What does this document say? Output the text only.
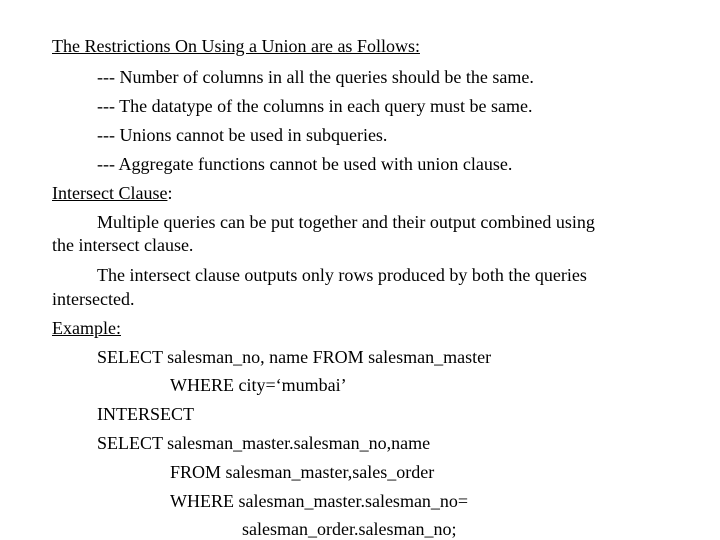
The Restrictions On Using a Union are as Follows:
--- Number of columns in all the queries should be the same.
--- The datatype of the columns in each query must be same.
--- Unions cannot be used in subqueries.
--- Aggregate functions cannot be used with union clause.
Intersect Clause:
Multiple queries can be put together and their output combined using
the intersect clause.
The intersect clause outputs only rows produced by both the queries
intersected.
Example:
SELECT salesman_no, name FROM salesman_master
WHERE city=‘mumbai’
INTERSECT
SELECT salesman_master.salesman_no,name
FROM salesman_master,sales_order
WHERE salesman_master.salesman_no=
salesman_order.salesman_no;
